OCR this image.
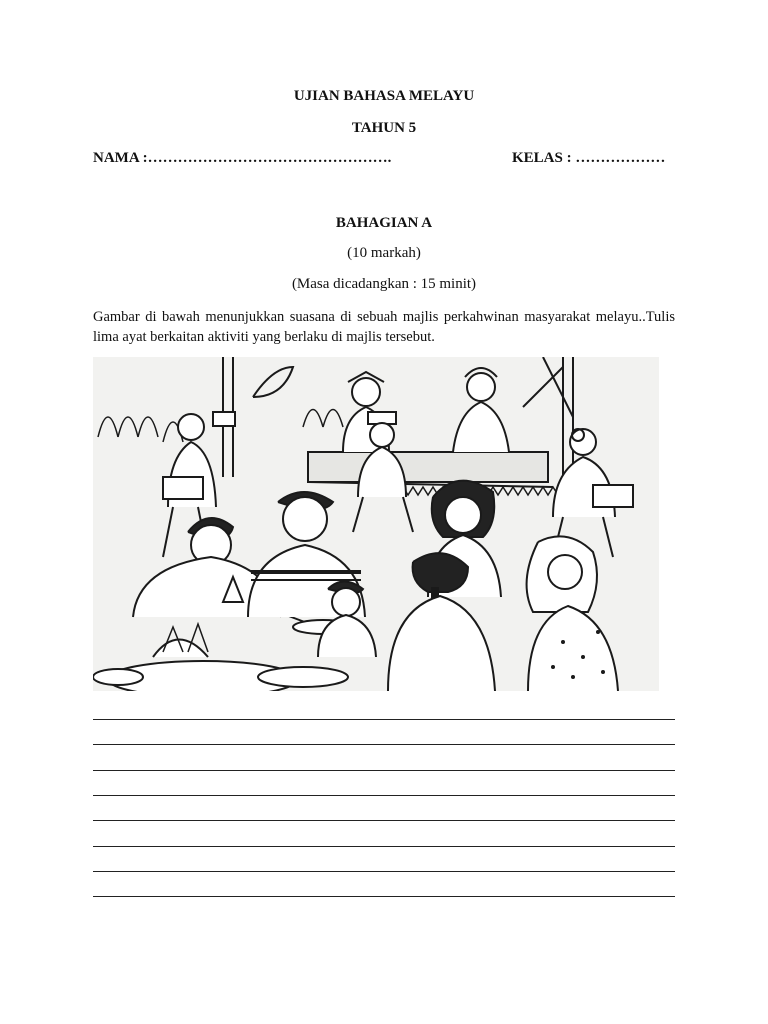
UJIAN BAHASA MELAYU
TAHUN 5
NAMA :………………………………………….	KELAS : ………………
BAHAGIAN A
(10 markah)
(Masa dicadangkan : 15 minit)
Gambar di bawah menunjukkan suasana di sebuah majlis perkahwinan masyarakat melayu..Tulis lima ayat berkaitan aktiviti yang berlaku di majlis tersebut.
